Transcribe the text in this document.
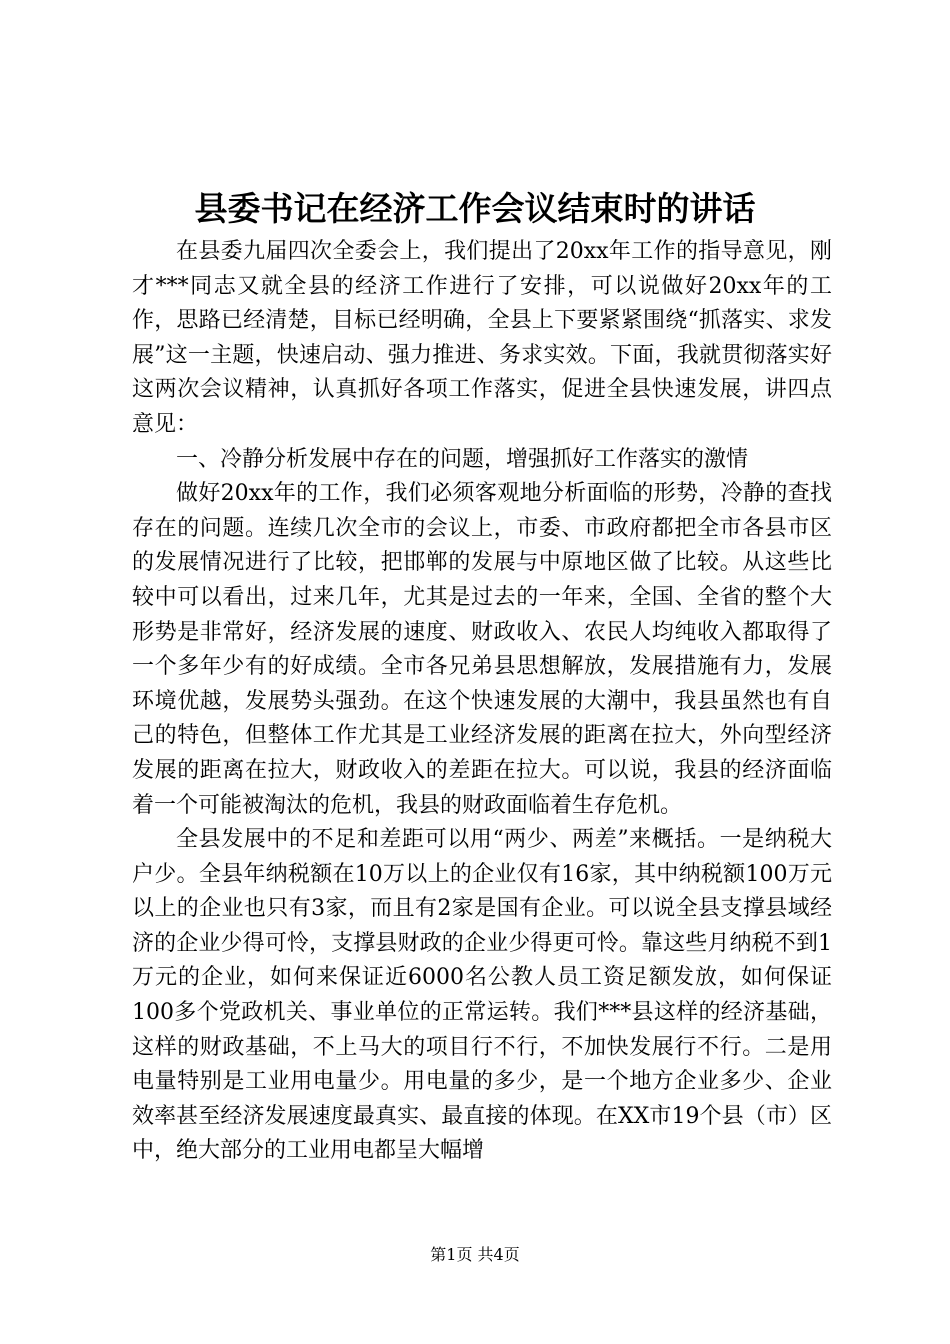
县委书记在经济工作会议结束时的讲话

在县委九届四次全委会上，我们提出了20xx年工作的指导意见，刚才***同志又就全县的经济工作进行了安排，可以说做好20xx年的工作，思路已经清楚，目标已经明确，全县上下要紧紧围绕“抓落实、求发展”这一主题，快速启动、强力推进、务求实效。下面，我就贯彻落实好这两次会议精神，认真抓好各项工作落实，促进全县快速发展，讲四点意见：

一、冷静分析发展中存在的问题，增强抓好工作落实的激情

做好20xx年的工作，我们必须客观地分析面临的形势，冷静的查找存在的问题。连续几次全市的会议上，市委、市政府都把全市各县市区的发展情况进行了比较，把邯郸的发展与中原地区做了比较。从这些比较中可以看出，过来几年，尤其是过去的一年来，全国、全省的整个大形势是非常好，经济发展的速度、财政收入、农民人均纯收入都取得了一个多年少有的好成绩。全市各兄弟县思想解放，发展措施有力，发展环境优越，发展势头强劲。在这个快速发展的大潮中，我县虽然也有自己的特色，但整体工作尤其是工业经济发展的距离在拉大，外向型经济发展的距离在拉大，财政收入的差距在拉大。可以说，我县的经济面临着一个可能被淘汰的危机，我县的财政面临着生存危机。

全县发展中的不足和差距可以用“两少、两差”来概括。一是纳税大户少。全县年纳税额在10万以上的企业仅有16家，其中纳税额100万元以上的企业也只有3家，而且有2家是国有企业。可以说全县支撑县域经济的企业少得可怜，支撑县财政的企业少得更可怜。靠这些月纳税不到1万元的企业，如何来保证近6000名公教人员工资足额发放，如何保证100多个党政机关、事业单位的正常运转。我们***县这样的经济基础，这样的财政基础，不上马大的项目行不行，不加快发展行不行。二是用电量特别是工业用电量少。用电量的多少，是一个地方企业多少、企业效率甚至经济发展速度最真实、最直接的体现。在XX市19个县（市）区中，绝大部分的工业用电都呈大幅增

第1页 共4页
